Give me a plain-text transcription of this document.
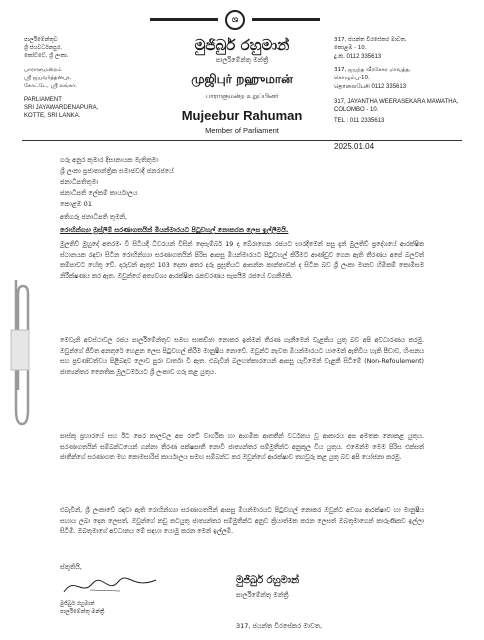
ශ
මුජිබුර් රහුමාන්
පාර්ලිමේන්තු මන්ත්‍රී
முஜிபுர் றஹுமான்
பாராளுமன்ற உறுப்பினர்
Mujeebur Rahuman
Member of Parliament
පාර්ලිමේන්තුව
ශ්‍රී ජයවර්ධනපුර,
කෝට්ටේ, ශ්‍රී ලංකා.
பாராளுமன்றம்
ஸ்ரீ ஜயவர்த்தனபுர,
கோட்டே, ஸ்ரீ லங்கா.
PARLIAMENT
SRI JAYAWARDENAPURA,
KOTTE, SRI LANKA.
317, ජයන්ත වීරසේකර මාවත,
කොළඹ - 10.
දු.ක. 0112 335613
317, ஜயந்த வீரசேகர மாவத்த,
கொழும்பு-10.
தொலைபேசி 0112 335613
317, JAYANTHA WEERASEKARA MAWATHA,
COLOMBO - 10.
TEL : 011 2335613
2025.01.04
ගරු අනුර කුමාර දිසානායක මැතිතුමා
ශ්‍රී ලංකා ප්‍රජාතාන්ත්‍රික සමාජවාදී ජනරජයේ
ජනාධිපතිතුමා
ජනාධිපති ලේකම් කාර්යාලය
කොළඹ 01
අතිගරු ජනාධිපති තුමනි,
රොහින්ග්‍යා මුස්ලිම් සරණාගතයින් මියන්මාරයට පිටුවහල් නොකරන ලෙස ඉල්ලීමයි.
මුලතිව් මුහුදේ අතරමං වී සිටියදී ධීවරයන් විසින් දෙසැම්බර් 19 දා බේරාගෙන රජයට භාරදීමෙන් පසු දැන් මුලතිව් ප්‍රදේශයේ ආරක්ෂිත ස්ථානයක රඳවා සිටින රොහින්ග්‍යා සරණාගතයින් පිරිස ආපසු මියන්මාරයට පිටුවහල් කිරීමට ආණ්ඩුව ගෙන ඇති තීරණය අපේ බලවත් කම්පාවට හේතු වේ. දරුවන් ඇතුළු 103 දෙනා අතර දරු ප්‍රසූතියට ආසන්න කාන්තාවන් ද සිටින බව ශ්‍රී ලංකා මානව හිමිකම් කොමිසම නිරීක්ෂණය කර ඇත. ඔවුන්ගේ අත්‍යවශ්‍ය ආරක්ෂිත රැකවරණය සැපයීම රජයේ වගකීමකි.
මෙවැනි අවස්ථාවල රජය පාර්ලිමේන්තුව සමඟ සාකච්ඡා නොකර ඉක්මන් තීරණ ගැනීමෙන් වැළකිය යුතු බව අපි අවධාරණය කරමු. ඔවුන්ගේ ජීවිත අනතුරේ හෙළන ලෙස පිටුවහල් කිරීම මානුෂීය නොවේ. ඔවුන්ට නැවත මියන්මාරයට යාමෙන් ඇතිවිය හැකි පීඩාව, හිංසනය සහ ප්‍රචණ්ඩත්වය පිළිබඳව ලොව පුරා වාර්තා වී ඇත. එබැවින් බලහත්කාරයෙන් ආපසු යැවීමෙන් වැළකී සිටීමේ (Non-Refoulement) ජාත්‍යන්තර නෛතික මූලධර්මයට ශ්‍රී ලංකාව ගරු කළ යුතුය.
පාස්කු ප්‍රහාරයේ සහ ඊට පෙර කාලවල අප රටේ වාර්ගික හා ආගමික ආතතීන් වර්ධනය වූ ආකාරය අප අමතක නොකළ යුතුය. සරණාගතයින් සම්බන්ධයෙන් ගන්නා තීරණ පක්ෂපාතී නොවී ජාත්‍යන්තර සම්මුතීන්ට අනුකූල විය යුතුය. එමෙන්ම මෙම පිරිස එක්සත් ජාතීන්ගේ සරණාගත මහ කොමසාරිස් කාර්යාලය සමඟ සම්බන්ධ කර ඔවුන්ගේ ආරක්ෂාව තහවුරු කළ යුතු බව අපි යෝජනා කරමු.
එබැවින්, ශ්‍රී ලංකාවේ රඳවා ඇති රොහින්ග්‍යා සරණාගතයින් ආපසු මියන්මාරයට පිටුවහල් නොකර ඔවුන්ට අවශ්‍ය ආරක්ෂාව හා මානුෂීය සහාය ලබා දෙන ලෙසත්, ඔවුන්ගේ නඩු කටයුතු ජාත්‍යන්තර සම්මුතීන්ට අනුව ක්‍රියාත්මක කරන ලෙසත් ඔබතුමාගෙන් කාරුණිකව ඉල්ලා සිටිමි. ඔබතුමාගේ අවධානය මේ සඳහා යොමු කරන මෙන් ඉල්ලමි.
ස්තූතියි,
මුජිබුර් රහුමාන්
පාර්ලිමේන්තු මන්ත්‍රී
මුජිබුර් රහුමාන්
පාර්ලිමේන්තු මන්ත්‍රී
317, ජයන්ත වීරසේකර මාවත,
